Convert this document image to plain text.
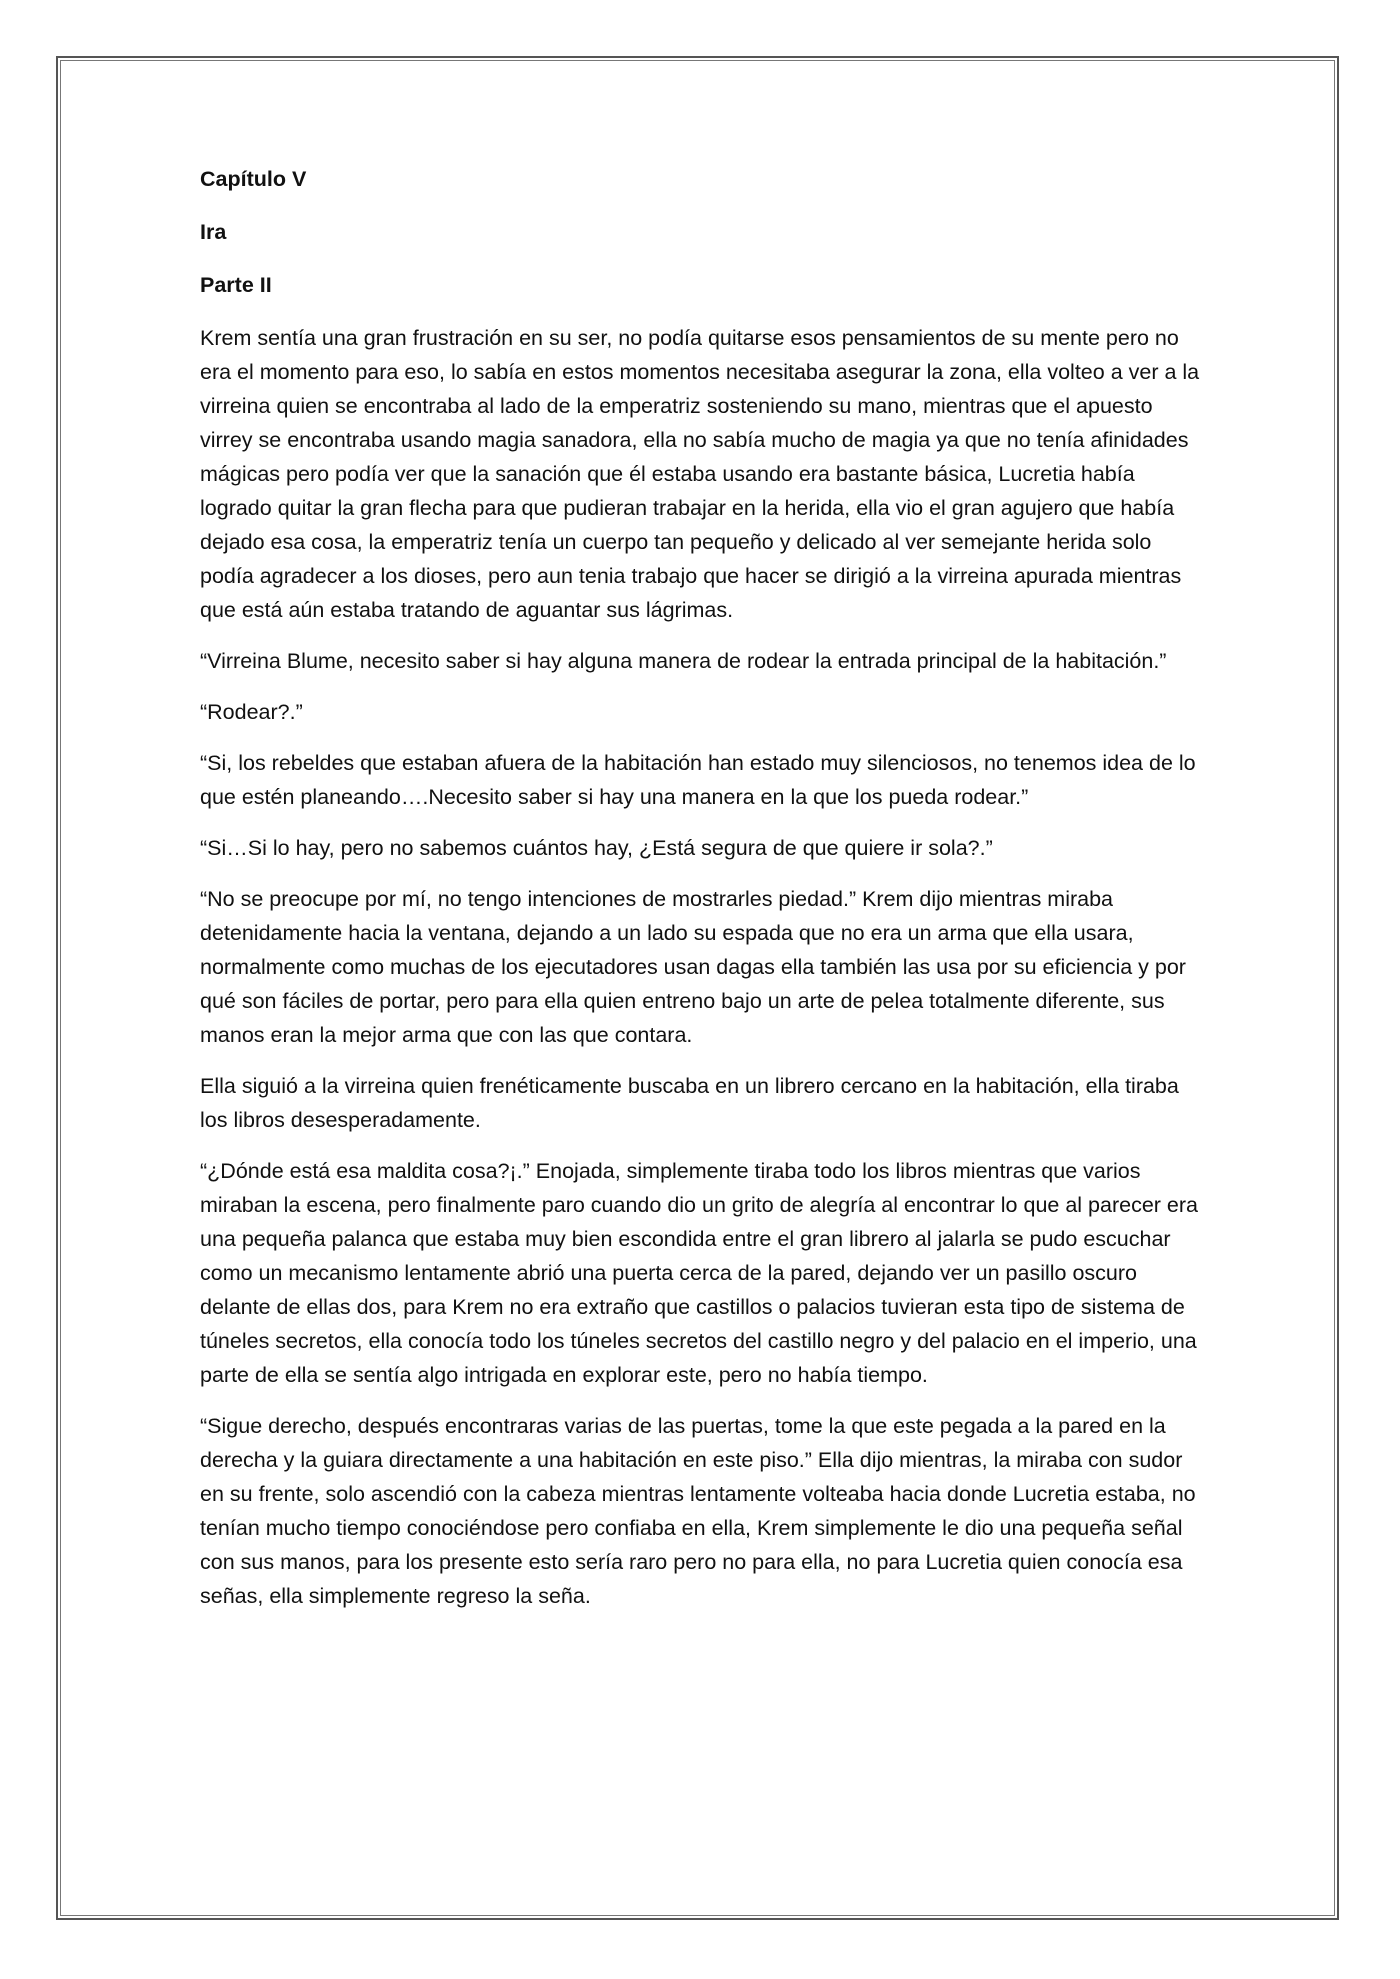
Capítulo V

Ira

Parte II

Krem sentía una gran frustración en su ser, no podía quitarse esos pensamientos de su mente pero no era el momento para eso, lo sabía en estos momentos necesitaba asegurar la zona, ella volteo a ver a la virreina quien se encontraba al lado de la emperatriz sosteniendo su mano, mientras que el apuesto virrey se encontraba usando magia sanadora, ella no sabía mucho de magia ya que no tenía afinidades mágicas pero podía ver que la sanación que él estaba usando era bastante básica, Lucretia había logrado quitar la gran flecha para que pudieran trabajar en la herida, ella vio el gran agujero que había dejado esa cosa, la emperatriz tenía un cuerpo tan pequeño y delicado al ver semejante herida solo podía agradecer a los dioses, pero aun tenia trabajo que hacer se dirigió a la virreina apurada mientras que está aún estaba tratando de aguantar sus lágrimas.

“Virreina Blume, necesito saber si hay alguna manera de rodear la entrada principal de la habitación.”

“Rodear?.”

“Si, los rebeldes que estaban afuera de la habitación han estado muy silenciosos, no tenemos idea de lo que estén planeando….Necesito saber si hay una manera en la que los pueda rodear.”

“Si…Si lo hay, pero no sabemos cuántos hay, ¿Está segura de que quiere ir sola?.”

“No se preocupe por mí, no tengo intenciones de mostrarles piedad.” Krem dijo mientras miraba detenidamente hacia la ventana, dejando a un lado su espada que no era un arma que ella usara, normalmente como muchas de los ejecutadores usan dagas ella también las usa por su eficiencia y por qué son fáciles de portar, pero para ella quien entreno bajo un arte de pelea totalmente diferente, sus manos eran la mejor arma que con las que contara.

Ella siguió a la virreina quien frenéticamente buscaba en un librero cercano en la habitación, ella tiraba los libros desesperadamente.

“¿Dónde está esa maldita cosa?¡.” Enojada, simplemente tiraba todo los libros mientras que varios miraban la escena, pero finalmente paro cuando dio un grito de alegría al encontrar lo que al parecer era una pequeña palanca que estaba muy bien escondida entre el gran librero al jalarla se pudo escuchar como un mecanismo lentamente abrió una puerta cerca de la pared, dejando ver un pasillo oscuro delante de ellas dos, para Krem no era extraño que castillos o palacios tuvieran esta tipo de sistema de túneles secretos, ella conocía todo los túneles secretos del castillo negro y del palacio en el imperio, una parte de ella se sentía algo intrigada en explorar este, pero no había tiempo.

“Sigue derecho, después encontraras varias de las puertas, tome la que este pegada a la pared en la derecha y la guiara directamente a una habitación en este piso.” Ella dijo mientras, la miraba con sudor en su frente, solo ascendió con la cabeza mientras lentamente volteaba hacia donde Lucretia estaba, no tenían mucho tiempo conociéndose pero confiaba en ella, Krem simplemente le dio una pequeña señal con sus manos, para los presente esto sería raro pero no para ella, no para Lucretia quien conocía esa señas, ella simplemente regreso la seña.
